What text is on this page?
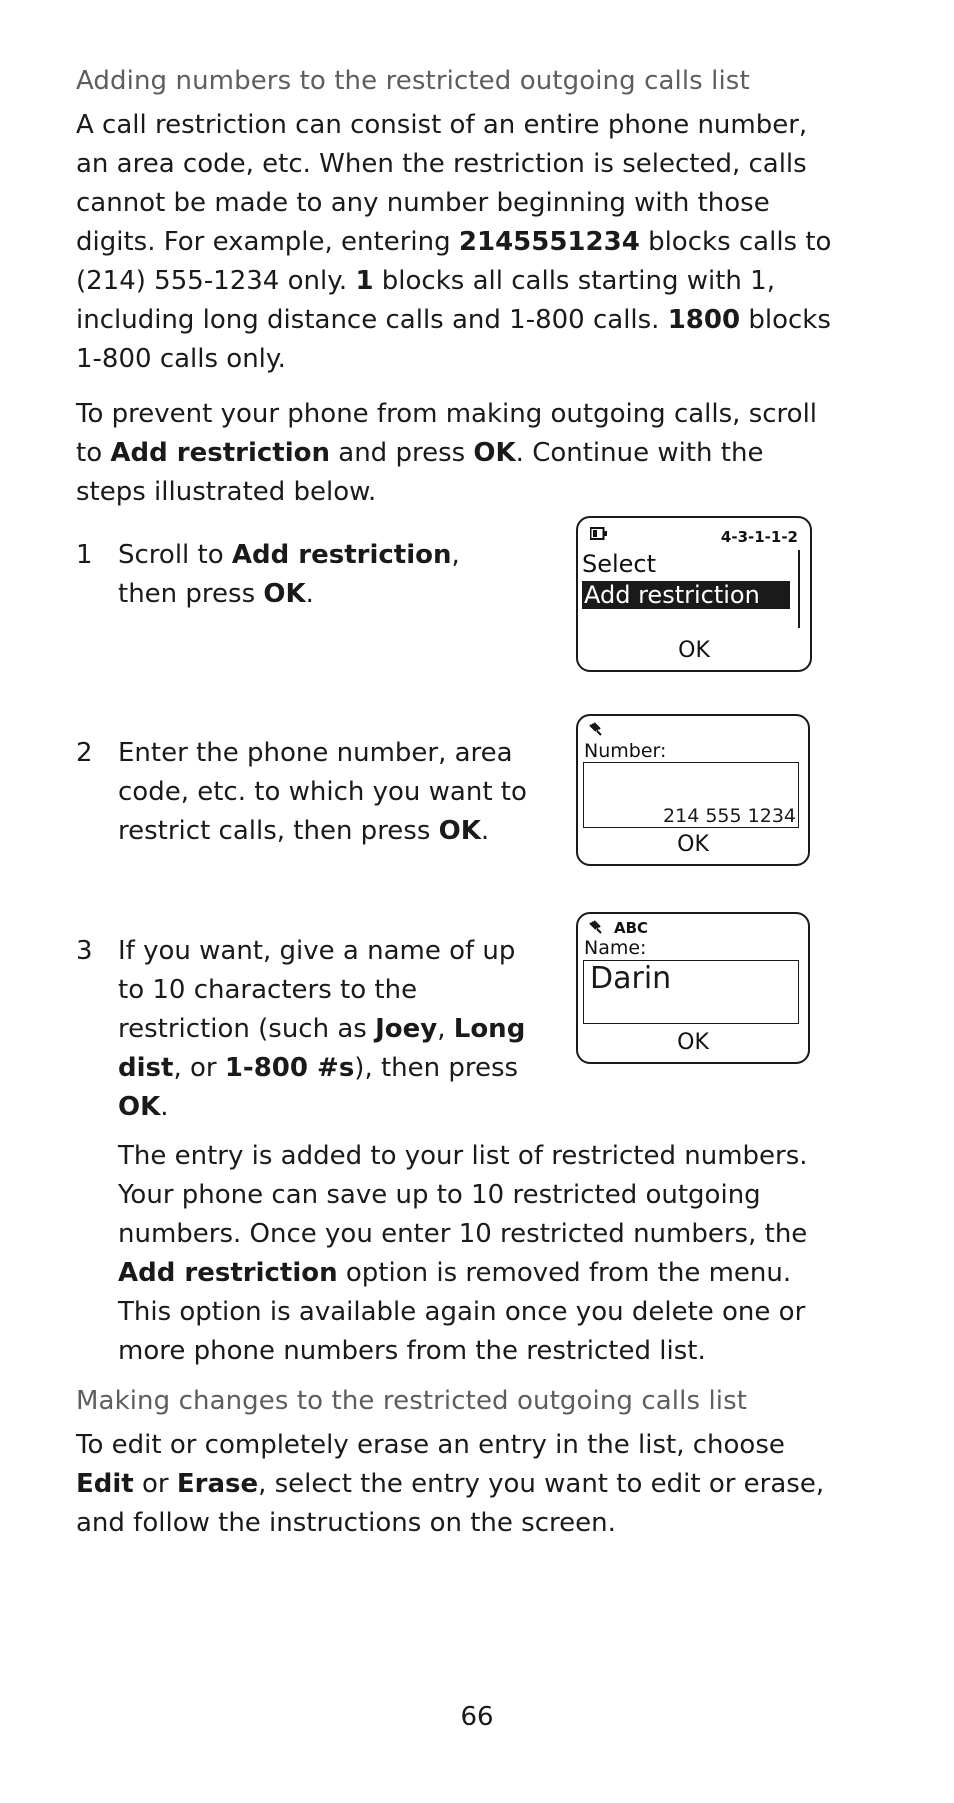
Adding numbers to the restricted outgoing calls list

A call restriction can consist of an entire phone number, an area code, etc. When the restriction is selected, calls cannot be made to any number beginning with those digits. For example, entering 2145551234 blocks calls to (214) 555-1234 only. 1 blocks all calls starting with 1, including long distance calls and 1-800 calls. 1800 blocks 1-800 calls only.

To prevent your phone from making outgoing calls, scroll to Add restriction and press OK. Continue with the steps illustrated below.

1 Scroll to Add restriction, then press OK.
2 Enter the phone number, area code, etc. to which you want to restrict calls, then press OK.
3 If you want, give a name of up to 10 characters to the restriction (such as Joey, Long dist, or 1-800 #s), then press OK.
The entry is added to your list of restricted numbers. Your phone can save up to 10 restricted outgoing numbers. Once you enter 10 restricted numbers, the Add restriction option is removed from the menu. This option is available again once you delete one or more phone numbers from the restricted list.
4-3-1-1-2
Select
Add restriction
OK
Number:
214 555 1234
OK
ABC
Name:
Darin
OK
Making changes to the restricted outgoing calls list

To edit or completely erase an entry in the list, choose Edit or Erase, select the entry you want to edit or erase, and follow the instructions on the screen.

66
